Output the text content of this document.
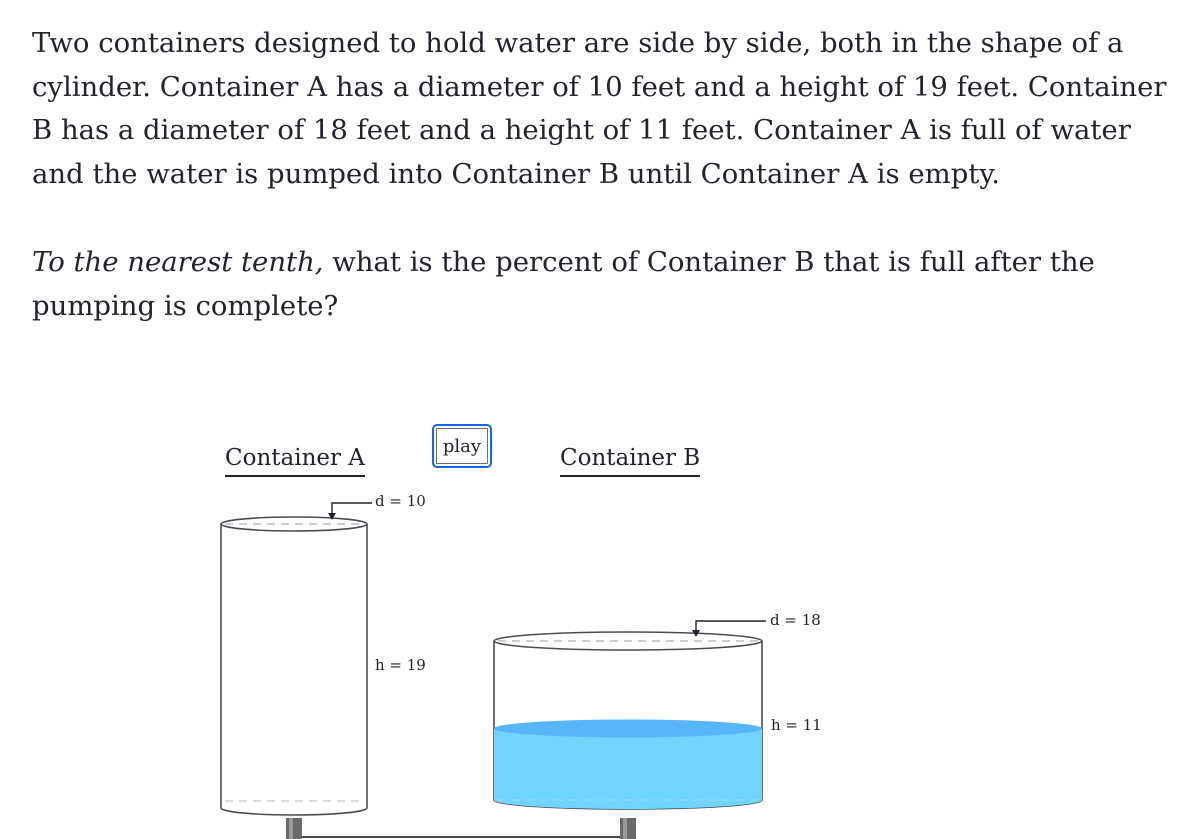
Two containers designed to hold water are side by side, both in the shape of a cylinder. Container A has a diameter of 10 feet and a height of 19 feet. Container B has a diameter of 18 feet and a height of 11 feet. Container A is full of water and the water is pumped into Container B until Container A is empty.

To the nearest tenth, what is the percent of Container B that is full after the pumping is complete?

Container A	Container B
play
d = 10
h = 19
d = 18
h = 11
